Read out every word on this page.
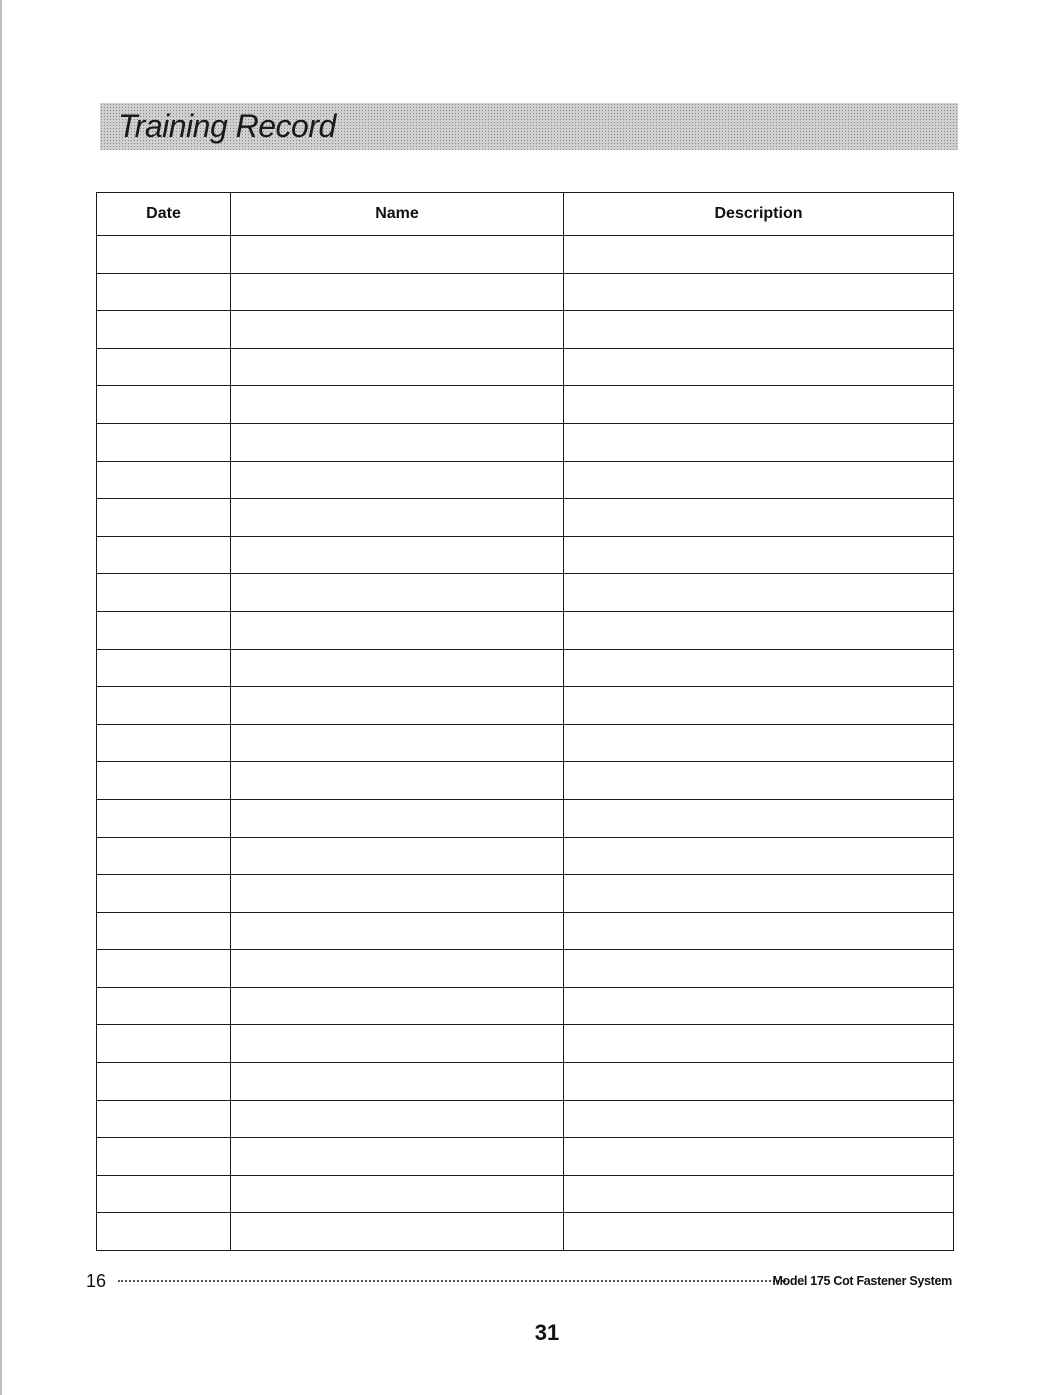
Training Record
Date	Name	Description

16	Model 175 Cot Fastener System
31
